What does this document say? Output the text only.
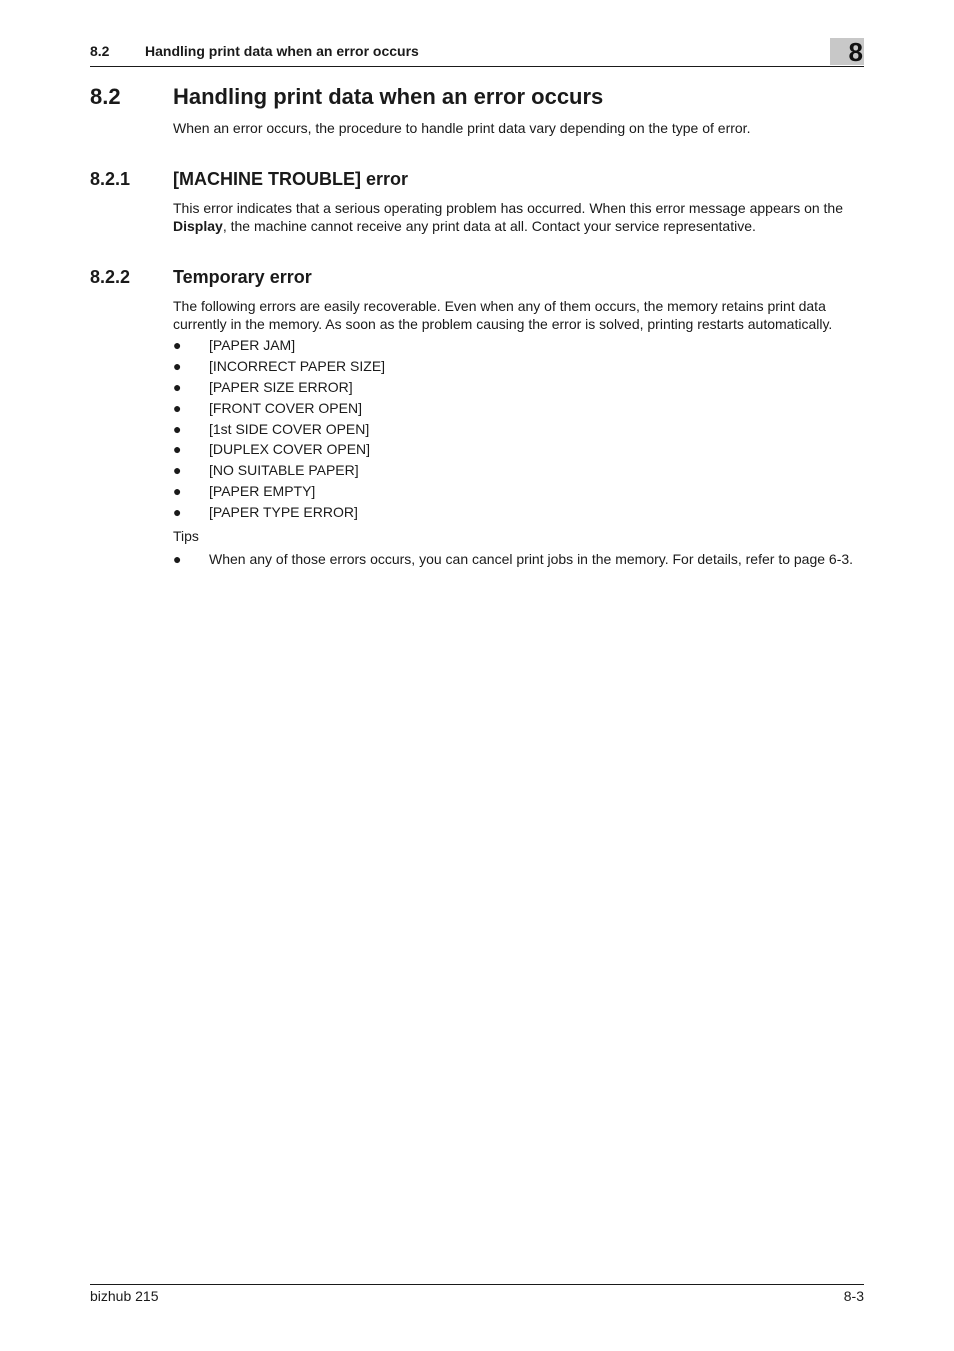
8.2	Handling print data when an error occurs	8
8.2 Handling print data when an error occurs
When an error occurs, the procedure to handle print data vary depending on the type of error.
8.2.1 [MACHINE TROUBLE] error
This error indicates that a serious operating problem has occurred. When this error message appears on the Display, the machine cannot receive any print data at all. Contact your service representative.
8.2.2 Temporary error
The following errors are easily recoverable. Even when any of them occurs, the memory retains print data currently in the memory. As soon as the problem causing the error is solved, printing restarts automatically.
● [PAPER JAM]
● [INCORRECT PAPER SIZE]
● [PAPER SIZE ERROR]
● [FRONT COVER OPEN]
● [1st SIDE COVER OPEN]
● [DUPLEX COVER OPEN]
● [NO SUITABLE PAPER]
● [PAPER EMPTY]
● [PAPER TYPE ERROR]
Tips
● When any of those errors occurs, you can cancel print jobs in the memory. For details, refer to page 6-3.
bizhub 215	8-3
